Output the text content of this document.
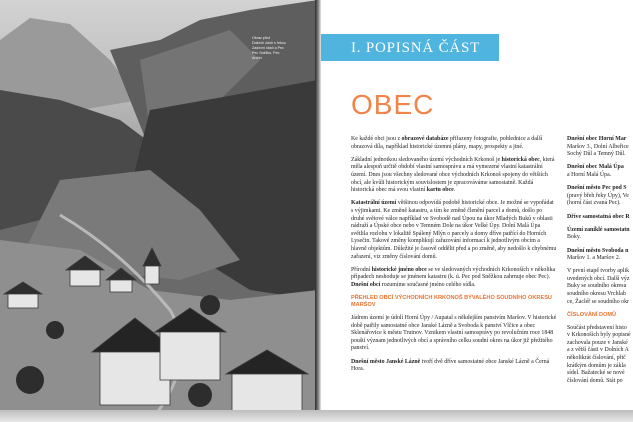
Obraz před
Dolních údolí s řekou
Zadními částí a Pec
Pec Sněžku, Pec
Archiv
I. POPISNÁ ČÁST
OBEC

Ke každé obci jsou z obrazové databáze přiřazeny fotografie, pohlednice a další obrazová díla, například historické územní plány, mapy, prospekty a jiné.

Základní jednotkou sledovaného území východních Krkonoš je historická obec, která měla alespoň určitě období vlastní samosprávu a má vymezené vlastní katastrální území. Dnes jsou všechny sledované obce východních Krkonoš spojeny do většiích obcí, ale kvůli historickým souvislostem je zpracováváme samostatně. Každá historická obec má svou vlastní kartu obce.

Katastrální území většinou odpovídá podobě historické obce. Je možné se vypořádat s výjimkami. Ke změně katastru, a tím ke změně členění parcel a domů, došlo po druhé světové válce například ve Svobodě nad Úpou na úkor Mladých Buků v oblasti nádraží a Úpské obce nebo v Temném Dole na úkor Velké Úpy. Dolní Malá Úpa světlila rozlohu v lokalitě Spálený Mlýn o parcely a domy dříve patřící do Horních Lysečin. Takové změny komplikují zařazování informací k jednotlivým obcím a hlavně objektům. Důležité je časově oddělit před a po změně, aby nedošlo k chybnému zařazení, viz změny číslování domů.

Přírodní historické jméno obce se ve sledovaných východních Krkonoších v několika případech neshoduje se jménem katastru (k. ú. Pec pod Sněžkou zahrnuje obec Pec). Dnešní obcí rozumíme současné jméno celého sídla.

PŘEHLED OBCÍ VÝCHODNÍCH KRKONOŠ BÝVALÉHO SOUDNÍHO OKRESU MARŠOV

Jádrem území je údolí Horní Úpy / Aupatal s někdejším panstvím Maršov. V historické době patřily samostatné obce Janské Lázně a Svoboda k panství Vlčice a obec Sklenářovice k městu Trutnov. Vznikem vlastní samosprávy po revolučním roce 1848 pouští význam jednotlivých obcí a správního celku soudní okres na úkor již přežitého panství.

Dnešní město Janské Lázně tvoří dvě dříve samostatné obce Janské Lázně a Černá Hora.

Dnešní obec Horní Mar
Maršov 3., Dolní Albeřice
Sochý Důl a Temný Důl.

Dnešní obec Malá Úpa
a Horní Malá Úpa.

Dnešní město Pec pod S
(pravý břeh řeky Úpy), Ve
(horní část zvaná Pec).

Dříve samostatná obec R

Území zaniklé samostatn
Boky.

Dnešní město Svoboda n
Maršov 1. a Maršov 2.

V první etapě tvorby aplik
uvedených obcí. Další výz
Buky se soudního okresu
soudního okresu Vrchlab
ce, Žacléř se soudního okr

ČÍSLOVÁNÍ DOMŮ

Součást představení histo
v Krkonoších byly popisné
zachovala pouze v Janské
a z větší části v Dolních A
několikrát číslování, přič
krátkým domům je zákla
sídel. Bažatecké se nové
číslování domů. Stát po
